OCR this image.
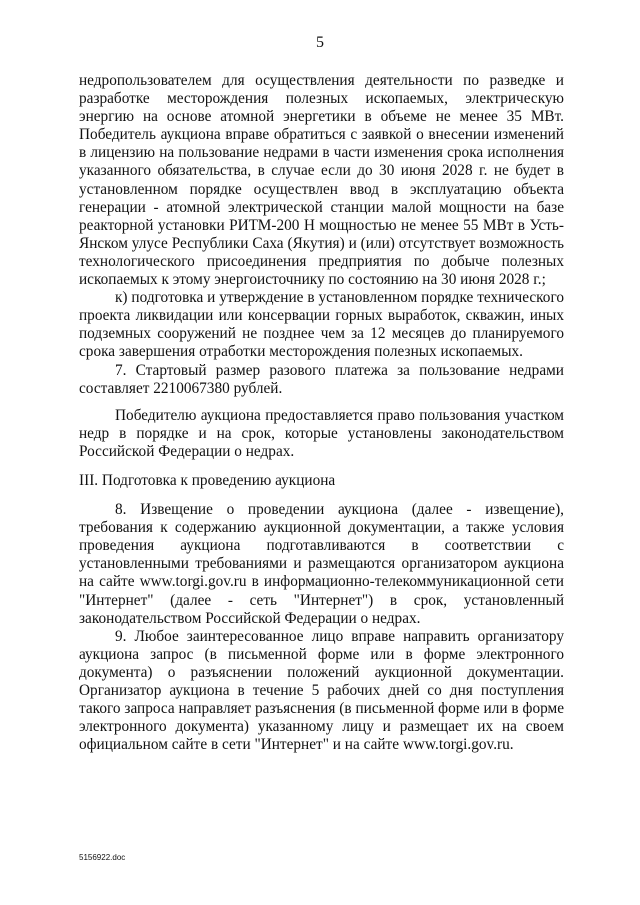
5

недропользователем для осуществления деятельности по разведке и разработке месторождения полезных ископаемых, электрическую энергию на основе атомной энергетики в объеме не менее 35 МВт. Победитель аукциона вправе обратиться с заявкой о внесении изменений в лицензию на пользование недрами в части изменения срока исполнения указанного обязательства, в случае если до 30 июня 2028 г. не будет в установленном порядке осуществлен ввод в эксплуатацию объекта генерации - атомной электрической станции малой мощности на базе реакторной установки РИТМ-200 Н мощностью не менее 55 МВт в Усть-Янском улусе Республики Саха (Якутия) и (или) отсутствует возможность технологического присоединения предприятия по добыче полезных ископаемых к этому энергоисточнику по состоянию на 30 июня 2028 г.;

к) подготовка и утверждение в установленном порядке технического проекта ликвидации или консервации горных выработок, скважин, иных подземных сооружений не позднее чем за 12 месяцев до планируемого срока завершения отработки месторождения полезных ископаемых.

7. Стартовый размер разового платежа за пользование недрами составляет 2210067380 рублей.

Победителю аукциона предоставляется право пользования участком недр в порядке и на срок, которые установлены законодательством Российской Федерации о недрах.

III. Подготовка к проведению аукциона

8. Извещение о проведении аукциона (далее - извещение), требования к содержанию аукционной документации, а также условия проведения аукциона подготавливаются в соответствии с установленными требованиями и размещаются организатором аукциона на сайте www.torgi.gov.ru в информационно-телекоммуникационной сети "Интернет" (далее - сеть "Интернет") в срок, установленный законодательством Российской Федерации о недрах.

9. Любое заинтересованное лицо вправе направить организатору аукциона запрос (в письменной форме или в форме электронного документа) о разъяснении положений аукционной документации. Организатор аукциона в течение 5 рабочих дней со дня поступления такого запроса направляет разъяснения (в письменной форме или в форме электронного документа) указанному лицу и размещает их на своем официальном сайте в сети "Интернет" и на сайте www.torgi.gov.ru.

5156922.doc
